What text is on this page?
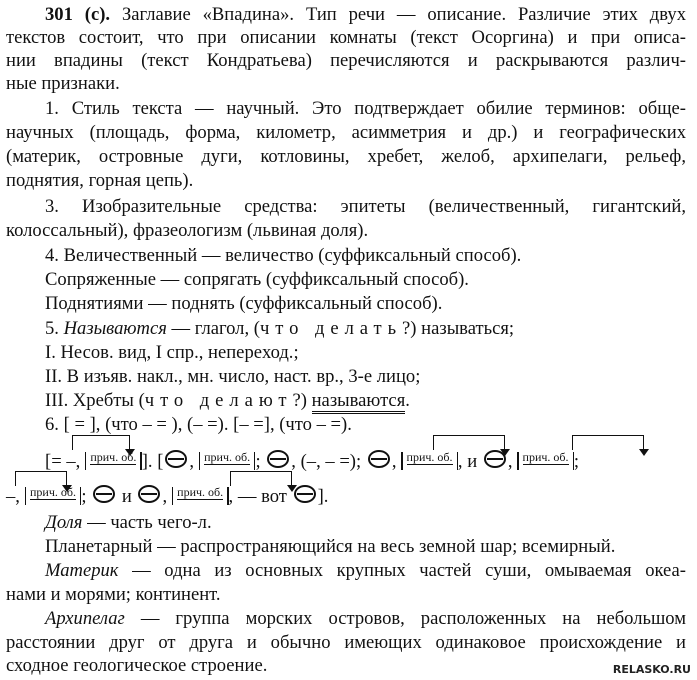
301 (с). Заглавие «Впадина». Тип речи — описание. Различие этих двух
текстов состоит, что при описании комнаты (текст Осоргина) и при описа-
нии впадины (текст Кондратьева) перечисляются и раскрываются различ-
ные признаки.
1. Стиль текста — научный. Это подтверждает обилие терминов: обще-
научных (площадь, форма, километр, асимметрия и др.) и географических
(материк, островные дуги, котловины, хребет, желоб, архипелаги, рельеф,
поднятия, горная цепь).
3. Изобразительные средства: эпитеты (величественный, гигантский,
колоссальный), фразеологизм (львиная доля).
4. Величественный — величество (суффиксальный способ).
Сопряженные — сопрягать (суффиксальный способ).
Поднятиями — поднять (суффиксальный способ).
5. Называются — глагол, (что делать?) называться;
I. Несов. вид, I спр., неперeход.;
II. В изъяв. накл., мн. число, наст. вр., 3-е лицо;
III. Хребты (что делают?) называются.
6. [ = ], (что – = ), (– =). [– =], (что – =).
[= –, $^{прич. об.}$ ]. [ , $^{прич. об.}$ ; , (–, – =); , $^{прич. об.}$ , и , $^{прич. об.}$ ;
–, $^{прич. об.}$ ; и , $^{прич. об.}$ , — вот ].
Доля — часть чего-л.
Планетарный — распространяющийся на весь земной шар; всемирный.
Материк — одна из основных крупных частей суши, омываемая океа-
нами и морями; континент.
Архипелаг — группа морских островов, расположенных на небольшом
расстоянии друг от друга и обычно имеющих одинаковое происхождение и
сходное геологическое строение.	RELASKO.RU
